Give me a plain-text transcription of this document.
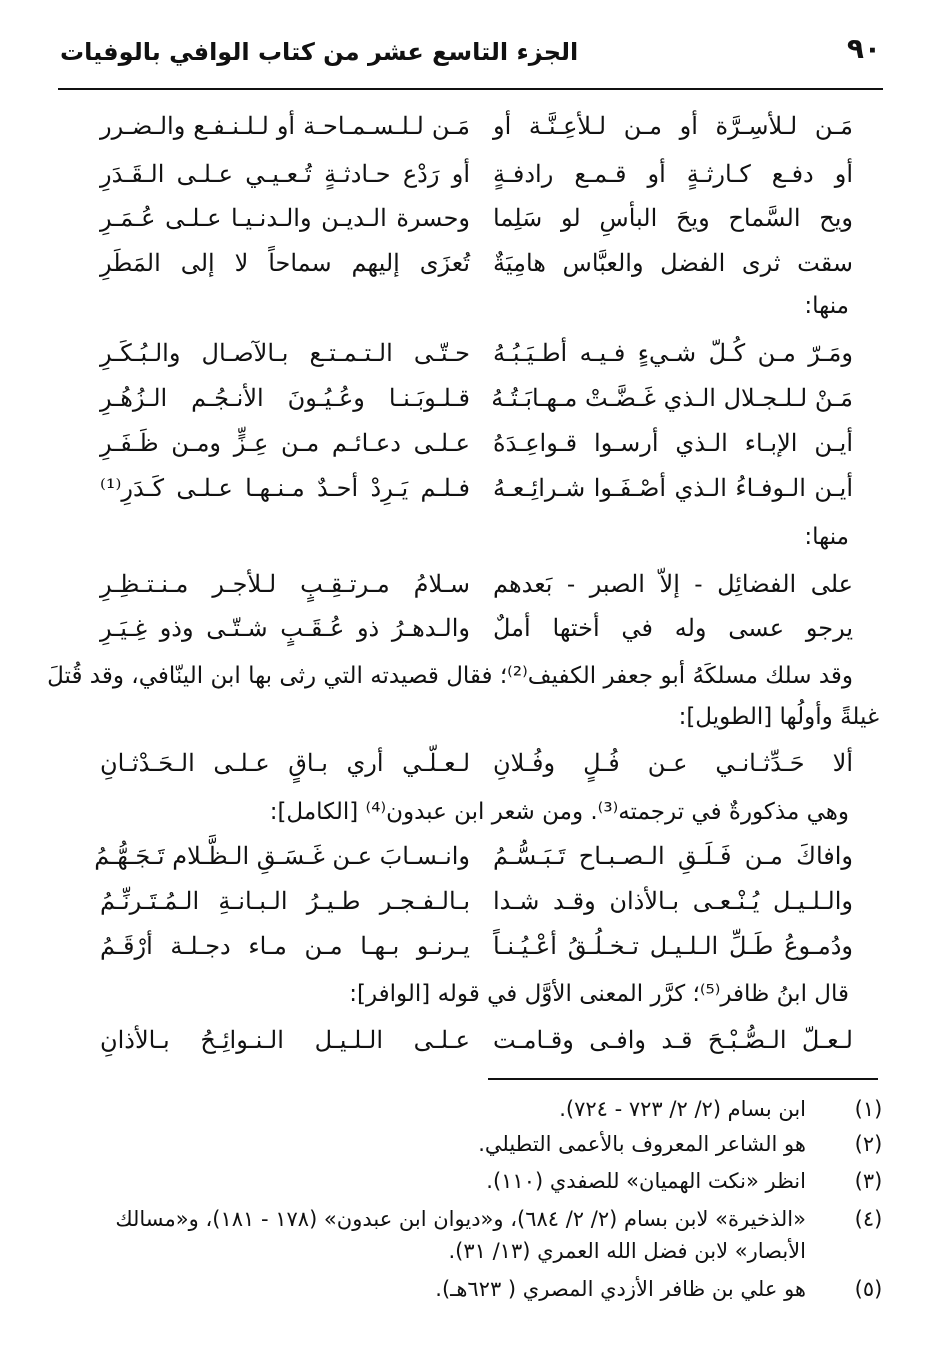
٩٠
الجزء التاسع عشر من كتاب الوافي بالوفيات
مَـن لـلأسِـرَّة أو مـن لـلأعِـنَّـة أو
مَـن لـلـسـمـاحـة أو لـلـنـفـع والـضـرر
أو دفـع كـارثـةٍ أو قـمـع رادفـةٍ
أو رَدْع حـادثـةٍ تُـعـيـي عـلـى الـقَـدَرِ
ويح السَّماح ويحَ البأسِ لو سَلِما
وحسرة الـديـن والـدنـيـا عـلـى عُـمَـرِ
سقت ثرى الفضل والعبَّاس هامِيَةٌ
تُعزَى إليهم سماحاً لا إلى المَطَرِ
منها:
ومَـرّ مـن كُـلّ شـيءٍ فـيـه أطـيَـبُـهُ
حـتّـى الـتـمـتـع بـالآصـال والـبُـكَـرِ
مَـنْ لـلـجـلال الـذي غَـضَّـتْ مـهـابَـتُـهُ
قـلـوبَـنـا وعُـيُـونَ الأنـجُـم الـزُهُـرِ
أيـن الإبـاء الـذي أرسـوا قـواعِـدَهُ
عـلـى دعـائـم مـن عِـزٍّ ومـن ظَـفَـرِ
أيـن الـوفـاءُ الـذي أصْـفَـوا شـرائِـعـهُ
فـلـم يَـرِدْ أحـدٌ مـنـهـا عـلـى كَـدَرِ⁽¹⁾
منها:
على الفضائِل - إلاّ الصبر - بَعدهم
سـلامُ مـرتـقِـبٍ لـلأجـر مـنـتـظِـرِ
يرجو عسى وله في أختها أملٌ
والـدهـرُ ذو عُـقَـبٍ شـتّـى وذو غِـيَـرِ
وقد سلك مسلكَهُ أبو جعفر الكفيف⁽²⁾؛ فقال قصيدته التي رثى بها ابن الينّافي، وقد قُتلَ
غيلةً وأولُها [الطويل]:
ألا حَـدِّثـانـي عـن فُـلٍ وفُـلانِ
لـعـلّـي أري بـاقٍ عـلـى الـحَـدْثـانِ
وهي مذكورةٌ في ترجمته⁽³⁾. ومن شعر ابن عبدون⁽⁴⁾ [الكامل]:
وافاكَ مـن فَـلَـقِ الـصـبـاح تَـبَـسُّـمُ
وانـسـابَ عـن غَـسَـقِ الـظَّـلام تَـجَـهُّـمُ
والـلـيـل يُـنْـعـى بـالأذان وقـد شـدا
بـالـفـجـر طـيـرُ الـبـانـةِ الـمُـتَـرنِّـمُ
ودُمـوعُ طَـلِّ الـلـيـل تـخـلُـقُ أعْـيُـنـاً
يـرنـو بـهـا مـن مـاء دجـلـة أرْقَـمُ
قال ابنُ ظافر⁽⁵⁾؛ كرَّر المعنى الأوَّل في قوله [الوافر]:
لـعـلّ الـصُّـبْـحَ قـد وافـى وقـامـت
عـلـى الـلـيـل الـنـوائِـحُ بـالأذانِ
(١)
ابن بسام (٢/ ٢/ ٧٢٣ - ٧٢٤).
(٢)
هو الشاعر المعروف بالأعمى التطيلي.
(٣)
انظر «نكت الهميان» للصفدي (١١٠).
(٤)
«الذخيرة» لابن بسام (٢/ ٢/ ٦٨٤)، و«ديوان ابن عبدون» (١٧٨ - ١٨١)، و«مسالك الأبصار» لابن فضل الله العمري (١٣/ ٣١).
(٥)
هو علي بن ظافر الأزدي المصري ( ٦٢٣هـ).
